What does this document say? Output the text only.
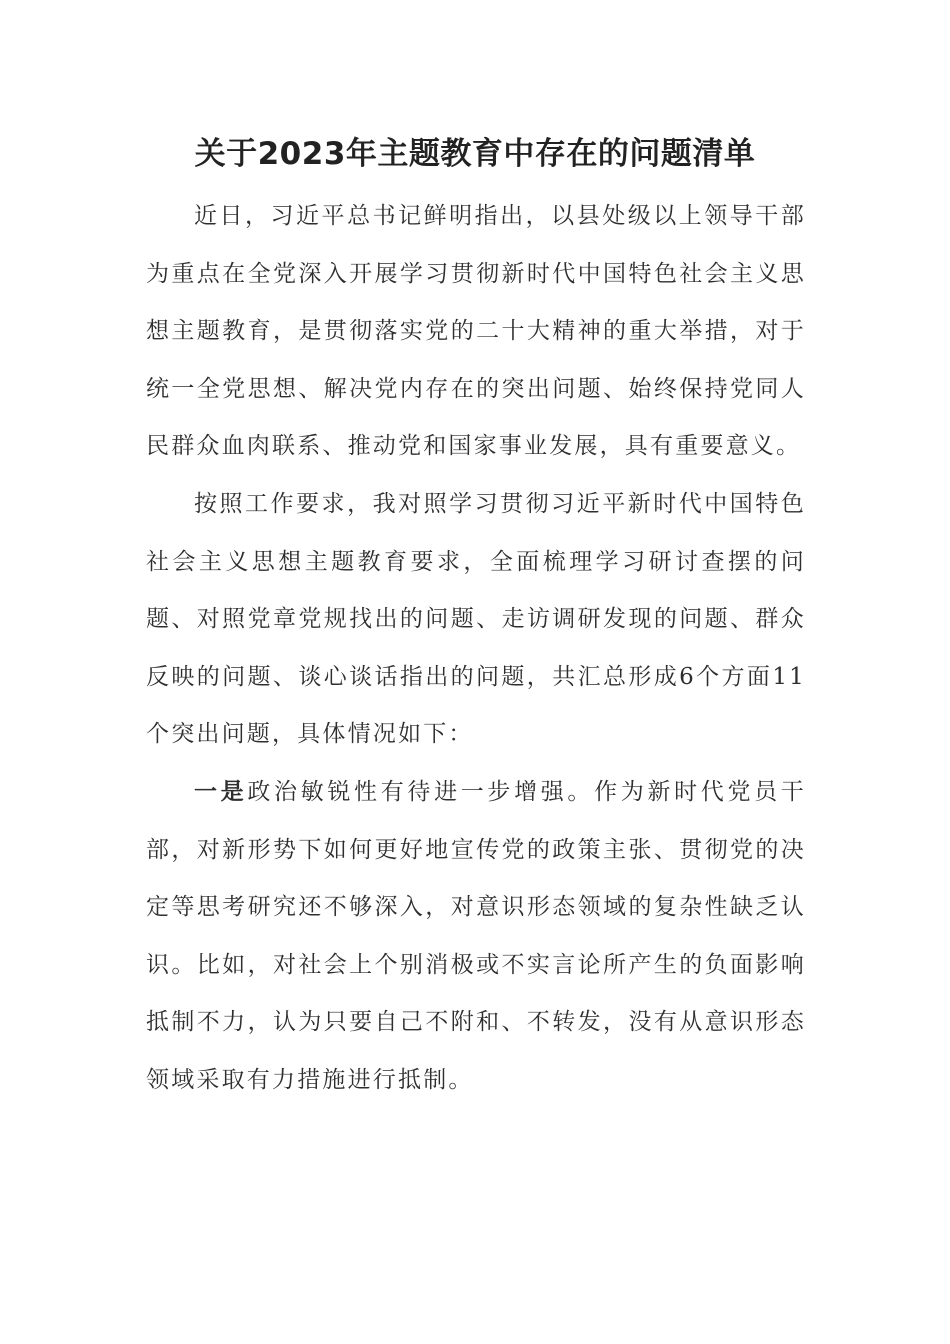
关于2023年主题教育中存在的问题清单

近日，习近平总书记鲜明指出，以县处级以上领导干部为重点在全党深入开展学习贯彻新时代中国特色社会主义思想主题教育，是贯彻落实党的二十大精神的重大举措，对于统一全党思想、解决党内存在的突出问题、始终保持党同人民群众血肉联系、推动党和国家事业发展，具有重要意义。

按照工作要求，我对照学习贯彻习近平新时代中国特色社会主义思想主题教育要求，全面梳理学习研讨查摆的问题、对照党章党规找出的问题、走访调研发现的问题、群众反映的问题、谈心谈话指出的问题，共汇总形成6个方面11个突出问题，具体情况如下：

一是政治敏锐性有待进一步增强。作为新时代党员干部，对新形势下如何更好地宣传党的政策主张、贯彻党的决定等思考研究还不够深入，对意识形态领域的复杂性缺乏认识。比如，对社会上个别消极或不实言论所产生的负面影响抵制不力，认为只要自己不附和、不转发，没有从意识形态领域采取有力措施进行抵制。
